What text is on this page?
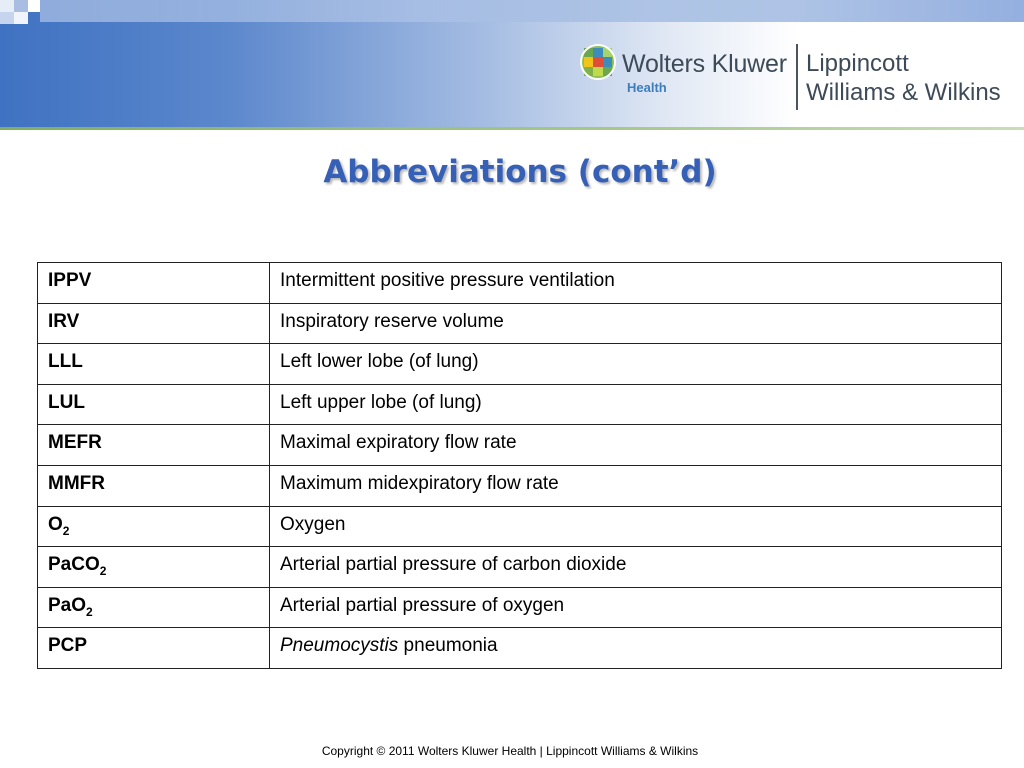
Wolters Kluwer
Health
Lippincott
Williams & Wilkins
Abbreviations (cont’d)
IPPV	Intermittent positive pressure ventilation
IRV	Inspiratory reserve volume
LLL	Left lower lobe (of lung)
LUL	Left upper lobe (of lung)
MEFR	Maximal expiratory flow rate
MMFR	Maximum midexpiratory flow rate
$O_2$	Oxygen
PaCO$_2$	Arterial partial pressure of carbon dioxide
PaO$_2$	Arterial partial pressure of oxygen
PCP	Pneumocystis pneumonia
Copyright © 2011 Wolters Kluwer Health | Lippincott Williams & Wilkins
